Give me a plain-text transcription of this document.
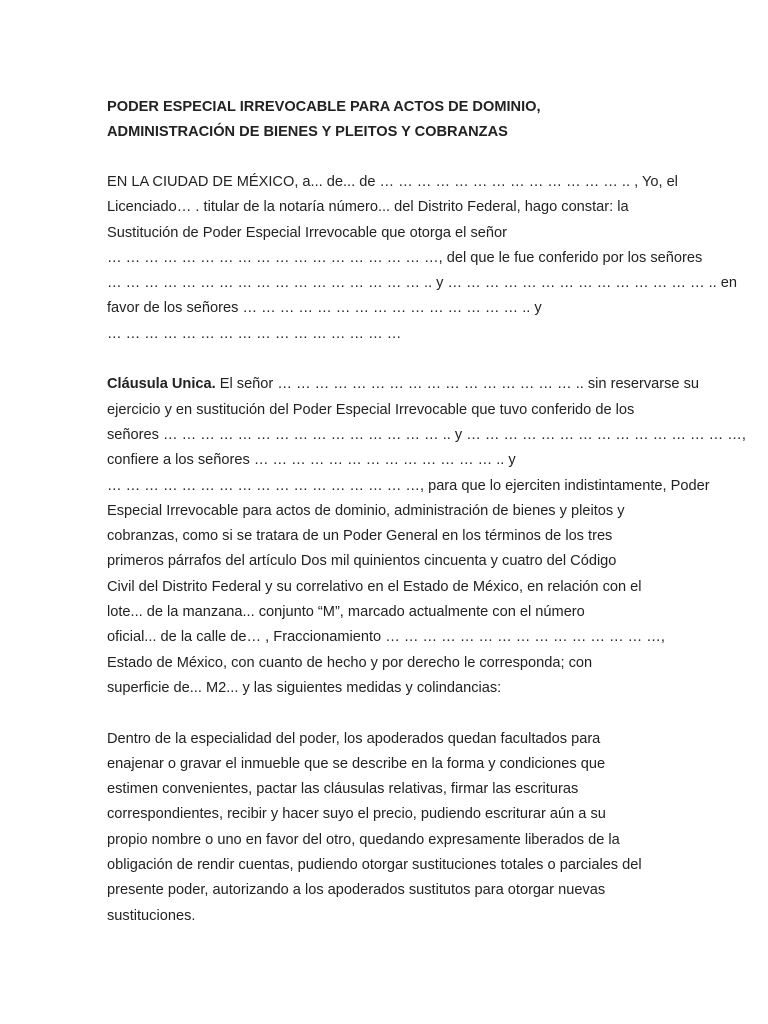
PODER ESPECIAL IRREVOCABLE PARA ACTOS DE DOMINIO,
ADMINISTRACIÓN DE BIENES Y PLEITOS Y COBRANZAS
EN LA CIUDAD DE MÉXICO, a... de... de … … … … … … … … … … … … … .. , Yo, el
Licenciado… . titular de la notaría número... del Distrito Federal, hago constar: la
Sustitución de Poder Especial Irrevocable que otorga el señor
… … … … … … … … … … … … … … … … … …, del que le fue conferido por los señores
… … … … … … … … … … … … … … … … … .. y … … … … … … … … … … … … … … .. en
favor de los señores … … … … … … … … … … … … … … … .. y
… … … … … … … … … … … … … … … …
Cláusula Unica. El señor … … … … … … … … … … … … … … … … .. sin reservarse su
ejercicio y en sustitución del Poder Especial Irrevocable que tuvo conferido de los
señores … … … … … … … … … … … … … … … .. y … … … … … … … … … … … … … … …,
confiere a los señores … … … … … … … … … … … … … .. y
… … … … … … … … … … … … … … … … …, para que lo ejerciten indistintamente, Poder
Especial Irrevocable para actos de dominio, administración de bienes y pleitos y
cobranzas, como si se tratara de un Poder General en los términos de los tres
primeros párrafos del artículo Dos mil quinientos cincuenta y cuatro del Código
Civil del Distrito Federal y su correlativo en el Estado de México, en relación con el
lote... de la manzana... conjunto “M”, marcado actualmente con el número
oficial... de la calle de… , Fraccionamiento … … … … … … … … … … … … … … …,
Estado de México, con cuanto de hecho y por derecho le corresponda; con
superficie de... M2... y las siguientes medidas y colindancias:
Dentro de la especialidad del poder, los apoderados quedan facultados para
enajenar o gravar el inmueble que se describe en la forma y condiciones que
estimen convenientes, pactar las cláusulas relativas, firmar las escrituras
correspondientes, recibir y hacer suyo el precio, pudiendo escriturar aún a su
propio nombre o uno en favor del otro, quedando expresamente liberados de la
obligación de rendir cuentas, pudiendo otorgar sustituciones totales o parciales del
presente poder, autorizando a los apoderados sustitutos para otorgar nuevas
sustituciones.
